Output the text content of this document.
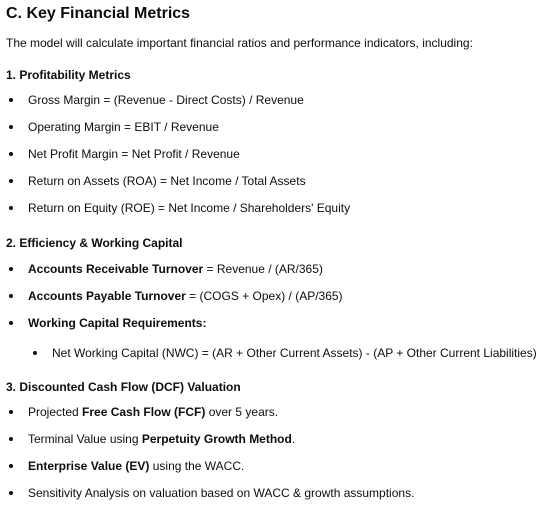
C. Key Financial Metrics

The model will calculate important financial ratios and performance indicators, including:

1. Profitability Metrics
Gross Margin = (Revenue - Direct Costs) / Revenue
Operating Margin = EBIT / Revenue
Net Profit Margin = Net Profit / Revenue
Return on Assets (ROA) = Net Income / Total Assets
Return on Equity (ROE) = Net Income / Shareholders' Equity
2. Efficiency & Working Capital
Accounts Receivable Turnover = Revenue / (AR/365)
Accounts Payable Turnover = (COGS + Opex) / (AP/365)
Working Capital Requirements:
Net Working Capital (NWC) = (AR + Other Current Assets) - (AP + Other Current Liabilities)
3. Discounted Cash Flow (DCF) Valuation
Projected Free Cash Flow (FCF) over 5 years.
Terminal Value using Perpetuity Growth Method.
Enterprise Value (EV) using the WACC.
Sensitivity Analysis on valuation based on WACC & growth assumptions.
